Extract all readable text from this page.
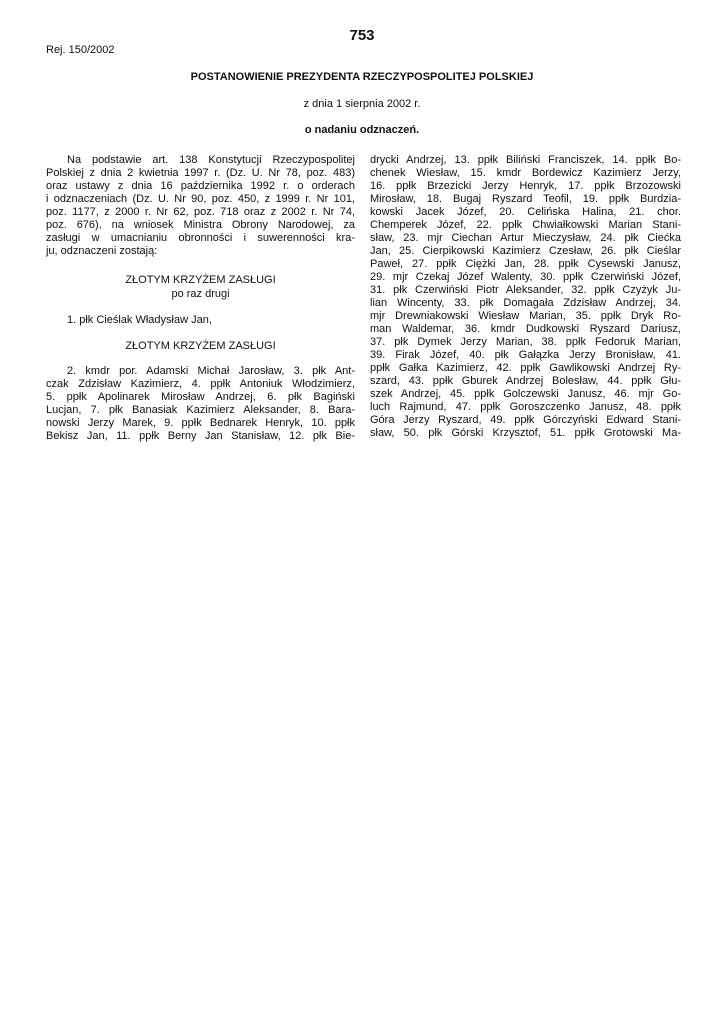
753
Rej. 150/2002
POSTANOWIENIE PREZYDENTA RZECZYPOSPOLITEJ POLSKIEJ
z dnia 1 sierpnia 2002 r.
o nadaniu odznaczeń.
Na podstawie art. 138 Konstytucji Rzeczypospolitej
Polskiej z dnia 2 kwietnia 1997 r. (Dz. U. Nr 78, poz. 483)
oraz ustawy z dnia 16 października 1992 r. o orderach
i odznaczeniach (Dz. U. Nr 90, poz. 450, z 1999 r. Nr 101,
poz. 1177, z 2000 r. Nr 62, poz. 718 oraz z 2002 r. Nr 74,
poz. 676), na wniosek Ministra Obrony Narodowej, za
zasługi w umacnianiu obronności i suwerenności kra-
ju, odznaczeni zostają:
ZŁOTYM KRZYŻEM ZASŁUGI
po raz drugi
1. płk Cieślak Władysław Jan,
ZŁOTYM KRZYŻEM ZASŁUGI
2. kmdr por. Adamski Michał Jarosław, 3. płk Ant-
czak Zdzisław Kazimierz, 4. ppłk Antoniuk Włodzimierz,
5. ppłk Apolinarek Mirosław Andrzej, 6. płk Bagiński
Lucjan, 7. płk Banasiak Kazimierz Aleksander, 8. Bara-
nowski Jerzy Marek, 9. ppłk Bednarek Henryk, 10. ppłk
Bekisz Jan, 11. ppłk Berny Jan Stanisław, 12. płk Bie-
drycki Andrzej, 13. ppłk Biliński Franciszek, 14. ppłk Bo-
chenek Wiesław, 15. kmdr Bordewicz Kazimierz Jerzy,
16. ppłk Brzezicki Jerzy Henryk, 17. ppłk Brzozowski
Mirosław, 18. Bugaj Ryszard Teofil, 19. ppłk Burdzia-
kowski Jacek Józef, 20. Celińska Halina, 21. chor.
Chemperek Józef, 22. ppłk Chwiałkowski Marian Stani-
sław, 23. mjr Ciechan Artur Mieczysław, 24. płk Ciećka
Jan, 25. Cierpikowski Kazimierz Czesław, 26. płk Cieślar
Paweł, 27. ppłk Ciężki Jan, 28. ppłk Cysewski Janusz,
29. mjr Czekaj Józef Walenty, 30. ppłk Czerwiński Józef,
31. płk Czerwiński Piotr Aleksander, 32. ppłk Czyżyk Ju-
lian Wincenty, 33. płk Domagała Zdzisław Andrzej, 34.
mjr Drewniakowski Wiesław Marian, 35. ppłk Dryk Ro-
man Waldemar, 36. kmdr Dudkowski Ryszard Dariusz,
37. płk Dymek Jerzy Marian, 38. ppłk Fedoruk Marian,
39. Firak Józef, 40. płk Gałązka Jerzy Bronisław, 41.
ppłk Gałka Kazimierz, 42. ppłk Gawlikowski Andrzej Ry-
szard, 43. ppłk Gburek Andrzej Bolesław, 44. ppłk Głu-
szek Andrzej, 45. ppłk Golczewski Janusz, 46. mjr Go-
luch Rajmund, 47. ppłk Goroszczenko Janusz, 48. ppłk
Góra Jerzy Ryszard, 49. ppłk Górczyński Edward Stani-
sław, 50. płk Górski Krzysztof, 51. ppłk Grotowski Ma-
